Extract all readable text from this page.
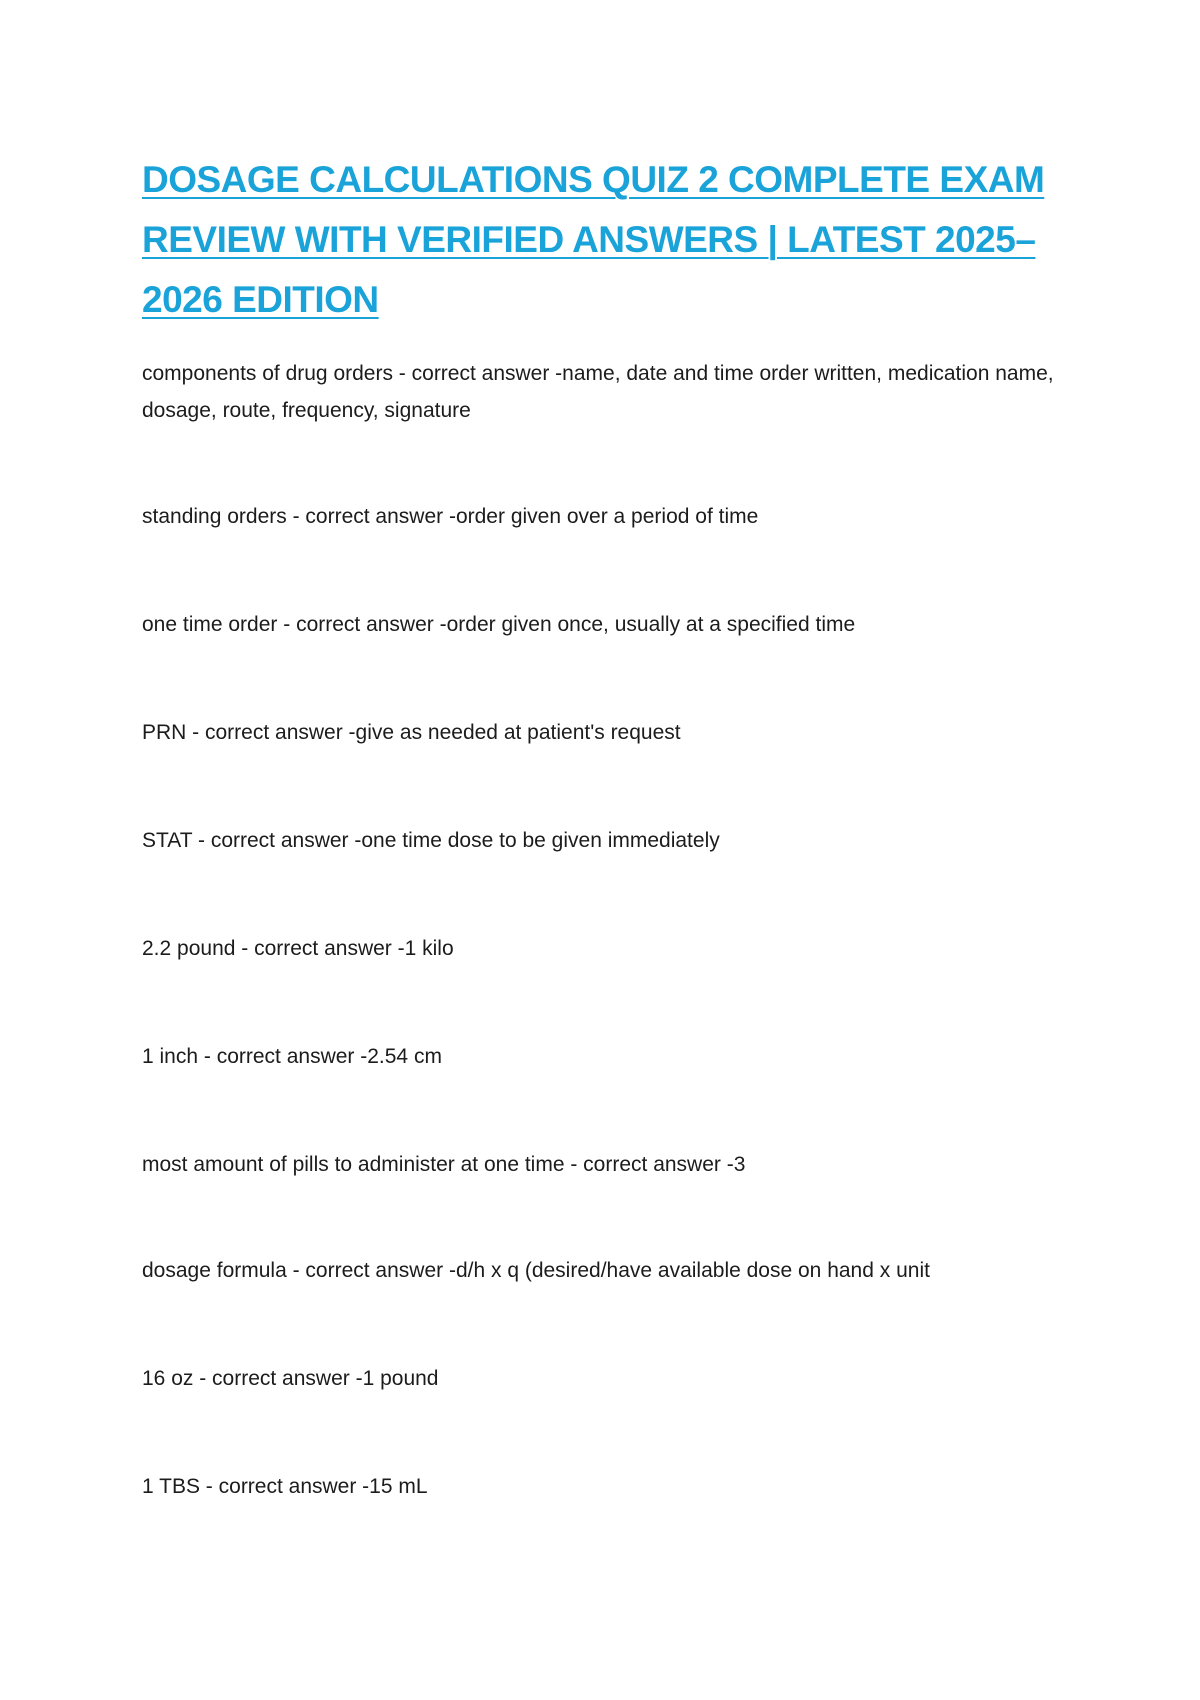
DOSAGE CALCULATIONS QUIZ 2 COMPLETE EXAM REVIEW WITH VERIFIED ANSWERS | LATEST 2025–2026 EDITION

components of drug orders - correct answer -name, date and time order written, medication name, dosage, route, frequency, signature

standing orders - correct answer -order given over a period of time

one time order - correct answer -order given once, usually at a specified time

PRN - correct answer -give as needed at patient's request

STAT - correct answer -one time dose to be given immediately

2.2 pound - correct answer -1 kilo

1 inch - correct answer -2.54 cm

most amount of pills to administer at one time - correct answer -3

dosage formula - correct answer -d/h x q (desired/have available dose on hand x unit

16 oz - correct answer -1 pound

1 TBS - correct answer -15 mL
